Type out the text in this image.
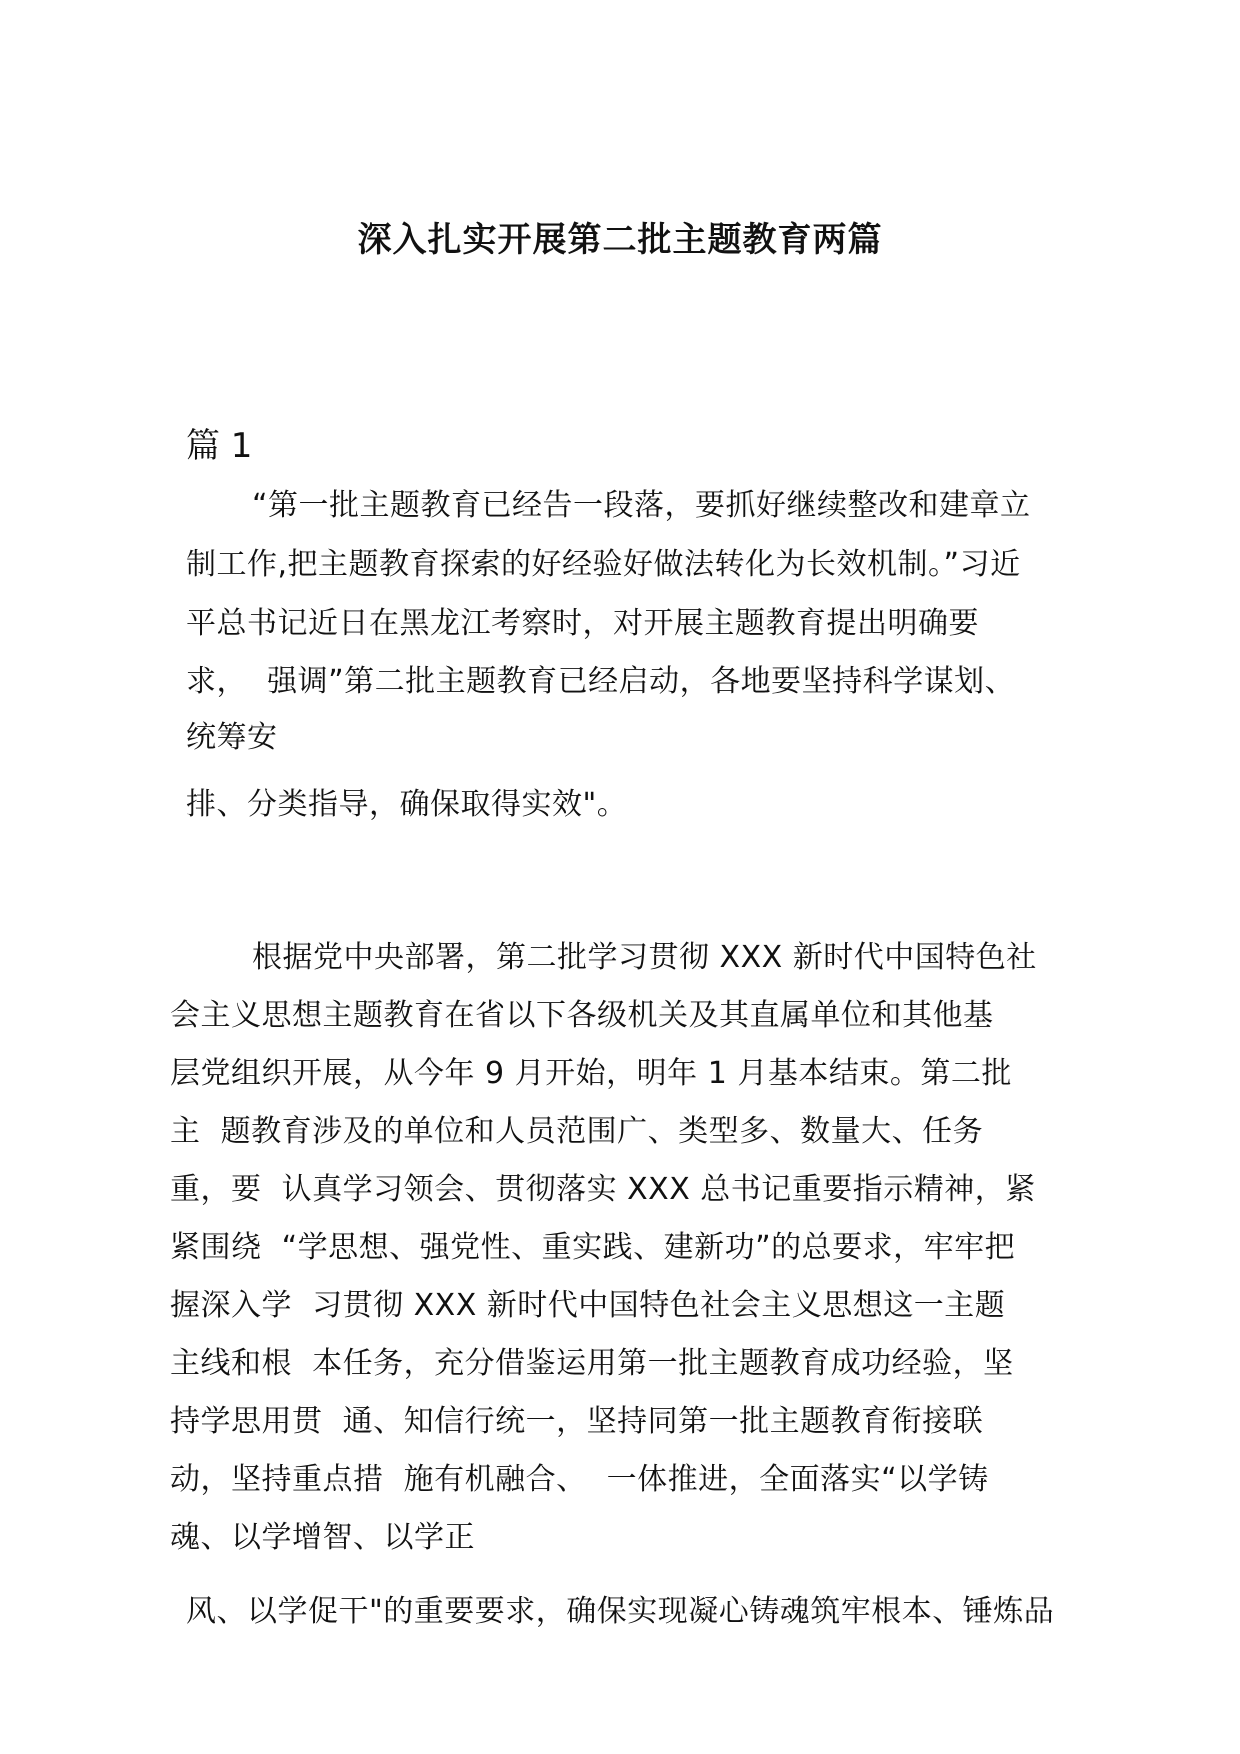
深入扎实开展第二批主题教育两篇
篇 1
“第一批主题教育已经告一段落，要抓好继续整改和建章立
制工作,把主题教育探索的好经验好做法转化为长效机制。”习近
平总书记近日在黑龙江考察时，对开展主题教育提出明确要
求，  强调”第二批主题教育已经启动，各地要坚持科学谋划、
统筹安
排、分类指导，确保取得实效"。
根据党中央部署，第二批学习贯彻 XXX 新时代中国特色社
会主义思想主题教育在省以下各级机关及其直属单位和其他基
层党组织开展，从今年 9 月开始，明年 1 月基本结束。第二批
主  题教育涉及的单位和人员范围广、类型多、数量大、任务
重，要  认真学习领会、贯彻落实 XXX 总书记重要指示精神，紧
紧围绕  “学思想、强党性、重实践、建新功”的总要求，牢牢把
握深入学  习贯彻 XXX 新时代中国特色社会主义思想这一主题
主线和根  本任务，充分借鉴运用第一批主题教育成功经验，坚
持学思用贯  通、知信行统一，坚持同第一批主题教育衔接联
动，坚持重点措  施有机融合、  一体推进，全面落实“以学铸
魂、以学增智、以学正
风、以学促干"的重要要求，确保实现凝心铸魂筑牢根本、锤炼品
